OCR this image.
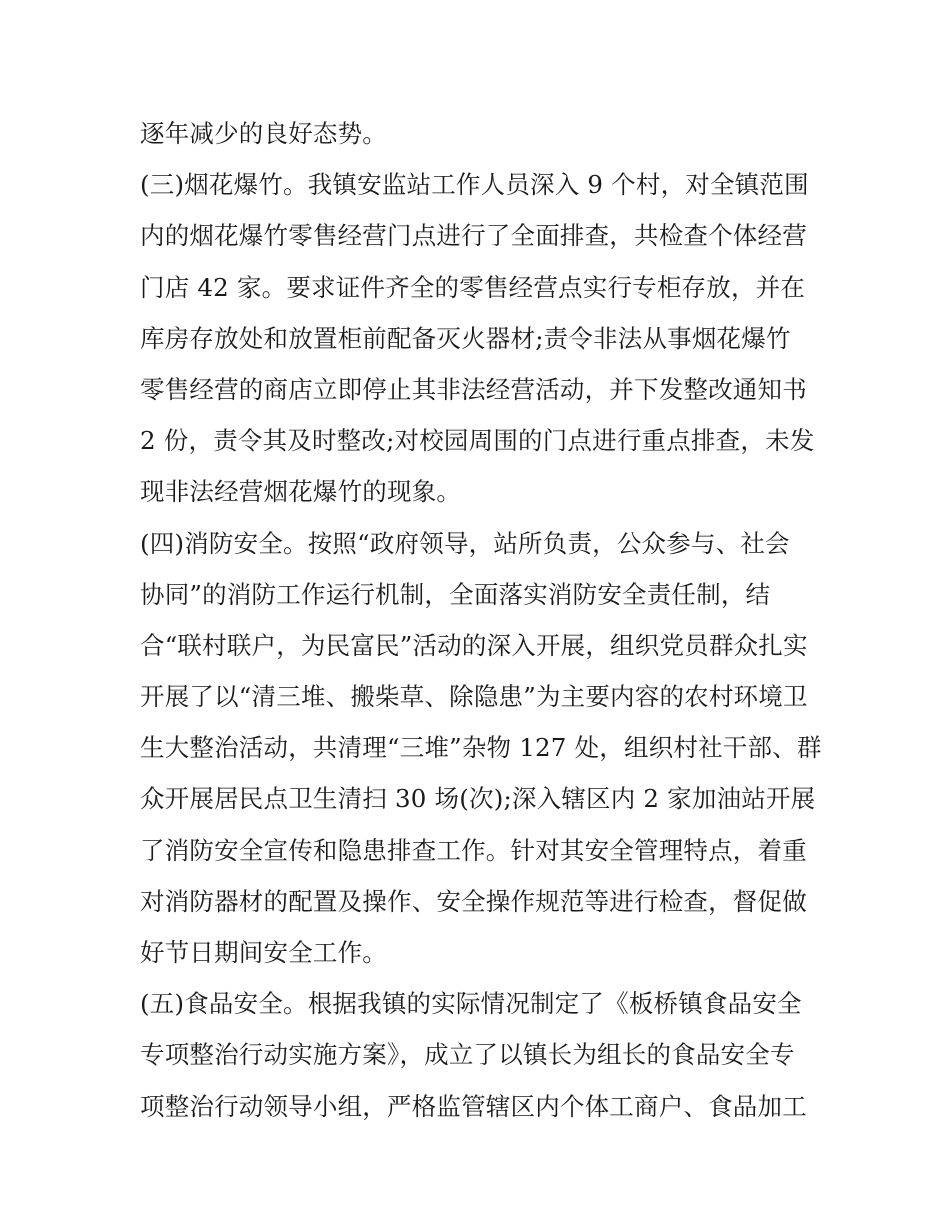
逐年减少的良好态势。
(三)烟花爆竹。我镇安监站工作人员深入 9 个村，对全镇范围
内的烟花爆竹零售经营门点进行了全面排查，共检查个体经营
门店 42 家。要求证件齐全的零售经营点实行专柜存放，并在
库房存放处和放置柜前配备灭火器材;责令非法从事烟花爆竹
零售经营的商店立即停止其非法经营活动，并下发整改通知书
2 份，责令其及时整改;对校园周围的门点进行重点排查，未发
现非法经营烟花爆竹的现象。
(四)消防安全。按照“政府领导，站所负责，公众参与、社会
协同”的消防工作运行机制，全面落实消防安全责任制，结
合“联村联户，为民富民”活动的深入开展，组织党员群众扎实
开展了以“清三堆、搬柴草、除隐患”为主要内容的农村环境卫
生大整治活动，共清理“三堆”杂物 127 处，组织村社干部、群
众开展居民点卫生清扫 30 场(次);深入辖区内 2 家加油站开展
了消防安全宣传和隐患排查工作。针对其安全管理特点，着重
对消防器材的配置及操作、安全操作规范等进行检查，督促做
好节日期间安全工作。
(五)食品安全。根据我镇的实际情况制定了《板桥镇食品安全
专项整治行动实施方案》，成立了以镇长为组长的食品安全专
项整治行动领导小组，严格监管辖区内个体工商户、食品加工
